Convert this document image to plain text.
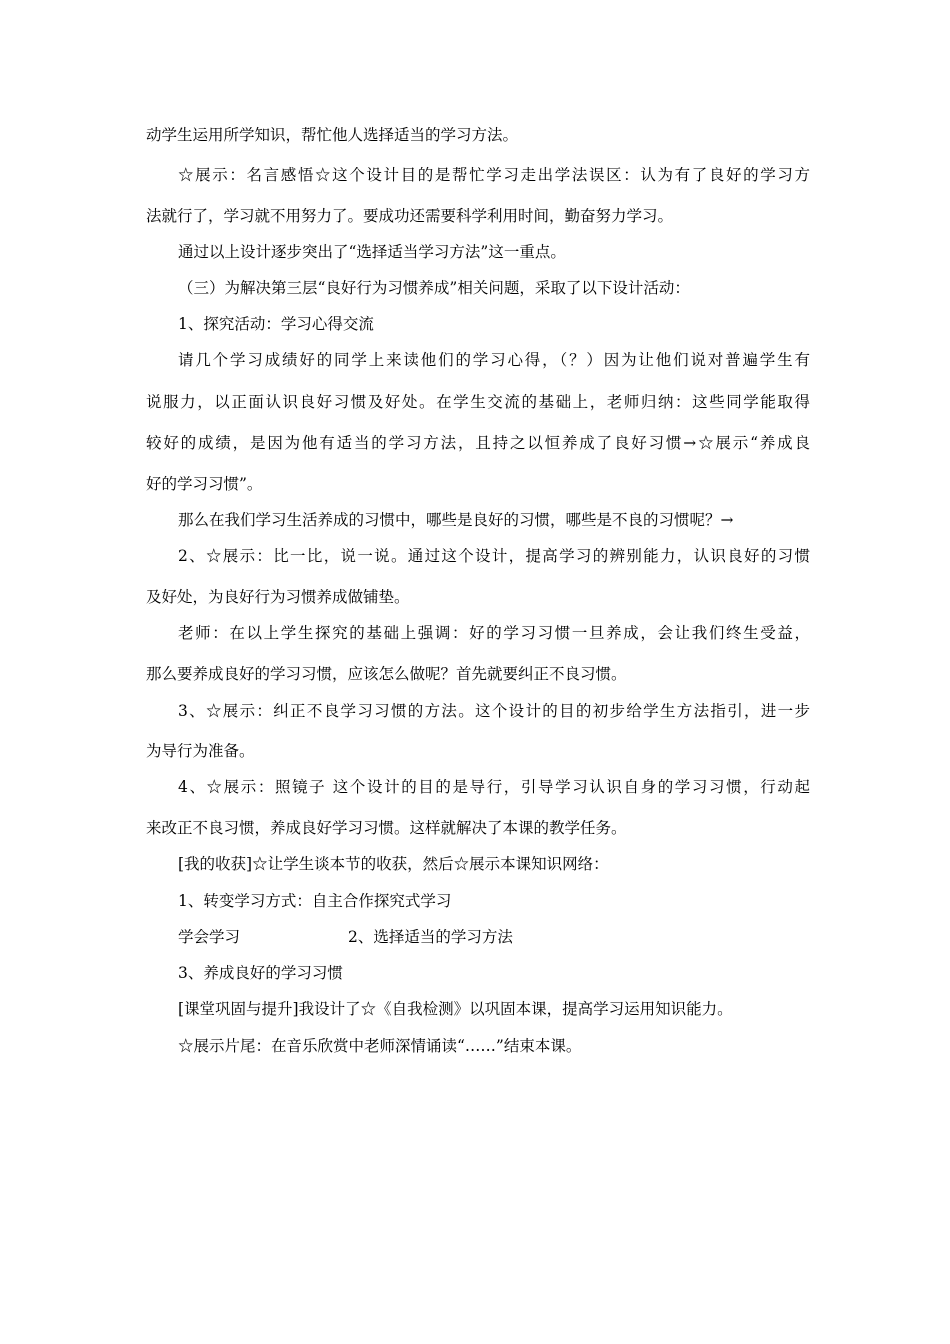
动学生运用所学知识，帮忙他人选择适当的学习方法。
☆展示：名言感悟☆这个设计目的是帮忙学习走出学法误区：认为有了良好的学习方
法就行了，学习就不用努力了。要成功还需要科学利用时间，勤奋努力学习。
通过以上设计逐步突出了“选择适当学习方法”这一重点。
（三）为解决第三层“良好行为习惯养成”相关问题，采取了以下设计活动：
1、探究活动：学习心得交流
请几个学习成绩好的同学上来读他们的学习心得，（？）因为让他们说对普遍学生有
说服力，以正面认识良好习惯及好处。在学生交流的基础上，老师归纳：这些同学能取得
较好的成绩，是因为他有适当的学习方法，且持之以恒养成了良好习惯→☆展示“养成良
好的学习习惯”。
那么在我们学习生活养成的习惯中，哪些是良好的习惯，哪些是不良的习惯呢？→
2、☆展示：比一比，说一说。通过这个设计，提高学习的辨别能力，认识良好的习惯
及好处，为良好行为习惯养成做铺垫。
老师：在以上学生探究的基础上强调：好的学习习惯一旦养成，会让我们终生受益，
那么要养成良好的学习习惯，应该怎么做呢？首先就要纠正不良习惯。
3、☆展示：纠正不良学习习惯的方法。这个设计的目的初步给学生方法指引，进一步
为导行为准备。
4、☆展示：照镜子 这个设计的目的是导行，引导学习认识自身的学习习惯，行动起
来改正不良习惯，养成良好学习习惯。这样就解决了本课的教学任务。
[我的收获]☆让学生谈本节的收获，然后☆展示本课知识网络：
1、转变学习方式：自主合作探究式学习
学会学习	2、选择适当的学习方法
3、养成良好的学习习惯
[课堂巩固与提升]我设计了☆《自我检测》以巩固本课，提高学习运用知识能力。
☆展示片尾：在音乐欣赏中老师深情诵读“……”结束本课。
